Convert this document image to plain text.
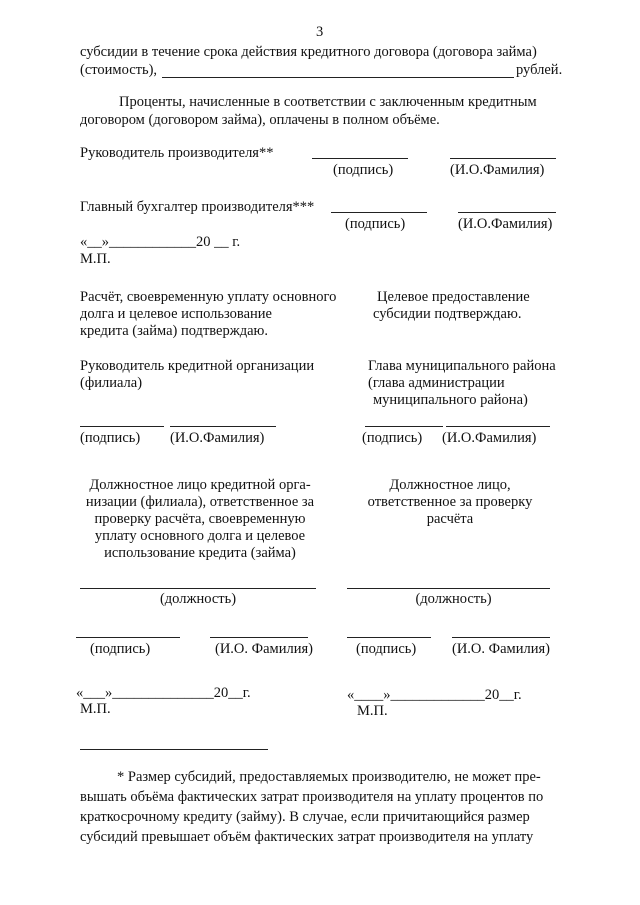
3
субсидии в течение срока действия кредитного договора (договора займа)
(стоимость),	рублей.
Проценты, начисленные в соответствии с заключенным кредитным
договором (договором займа), оплачены в полном объёме.
Руководитель производителя**
(подпись)	(И.О.Фамилия)
Главный бухгалтер производителя***
(подпись)	(И.О.Фамилия)
«__»____________20 __ г.
М.П.
Расчёт, своевременную уплату основного
долга и целевое использование
кредита (займа) подтверждаю.
Целевое предоставление
субсидии подтверждаю.
Руководитель кредитной организации
(филиала)
Глава муниципального района
(глава администрации
муниципального района)
(подпись) (И.О.Фамилия)	(подпись) (И.О.Фамилия)
Должностное лицо кредитной орга-
низации (филиала), ответственное за
проверку расчёта, своевременную
уплату основного долга и целевое
использование кредита (займа)
Должностное лицо,
ответственное за проверку
расчёта
(должность)	(должность)
(подпись)	(И.О. Фамилия)	(подпись) (И.О. Фамилия)
«___»______________20__г.
М.П.
«____»_____________20__г.
М.П.
* Размер субсидий, предоставляемых производителю, не может пре-
вышать объёма фактических затрат производителя на уплату процентов по
краткосрочному кредиту (займу). В случае, если причитающийся размер
субсидий превышает объём фактических затрат производителя на уплату
